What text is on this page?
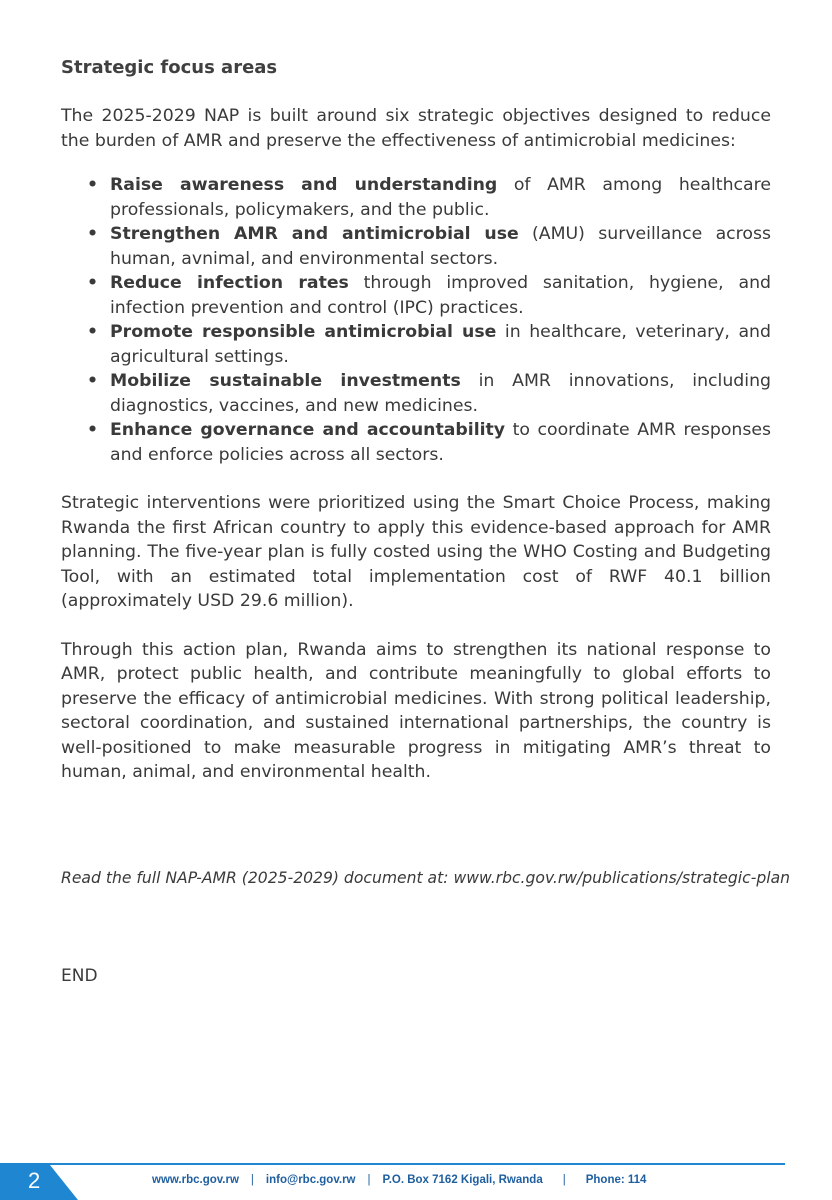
Strategic focus areas

The 2025-2029 NAP is built around six strategic objectives designed to reduce the burden of AMR and preserve the effectiveness of antimicrobial medicines:

• Raise awareness and understanding of AMR among healthcare professionals, policymakers, and the public.
• Strengthen AMR and antimicrobial use (AMU) surveillance across human, avnimal, and environmental sectors.
• Reduce infection rates through improved sanitation, hygiene, and infection prevention and control (IPC) practices.
• Promote responsible antimicrobial use in healthcare, veterinary, and agricultural settings.
• Mobilize sustainable investments in AMR innovations, including diagnostics, vaccines, and new medicines.
• Enhance governance and accountability to coordinate AMR responses and enforce policies across all sectors.

Strategic interventions were prioritized using the Smart Choice Process, making Rwanda the first African country to apply this evidence-based approach for AMR planning. The five-year plan is fully costed using the WHO Costing and Budgeting Tool, with an estimated total implementation cost of RWF 40.1 billion (approximately USD 29.6 million).

Through this action plan, Rwanda aims to strengthen its national response to AMR, protect public health, and contribute meaningfully to global efforts to preserve the efficacy of antimicrobial medicines. With strong political leadership, sectoral coordination, and sustained international partnerships, the country is well-positioned to make measurable progress in mitigating AMR’s threat to human, animal, and environmental health.

Read the full NAP-AMR (2025-2029) document at: www.rbc.gov.rw/publications/strategic-plan
END
2	www.rbc.gov.rw | info@rbc.gov.rw | P.O. Box 7162 Kigali, Rwanda | Phone: 114
